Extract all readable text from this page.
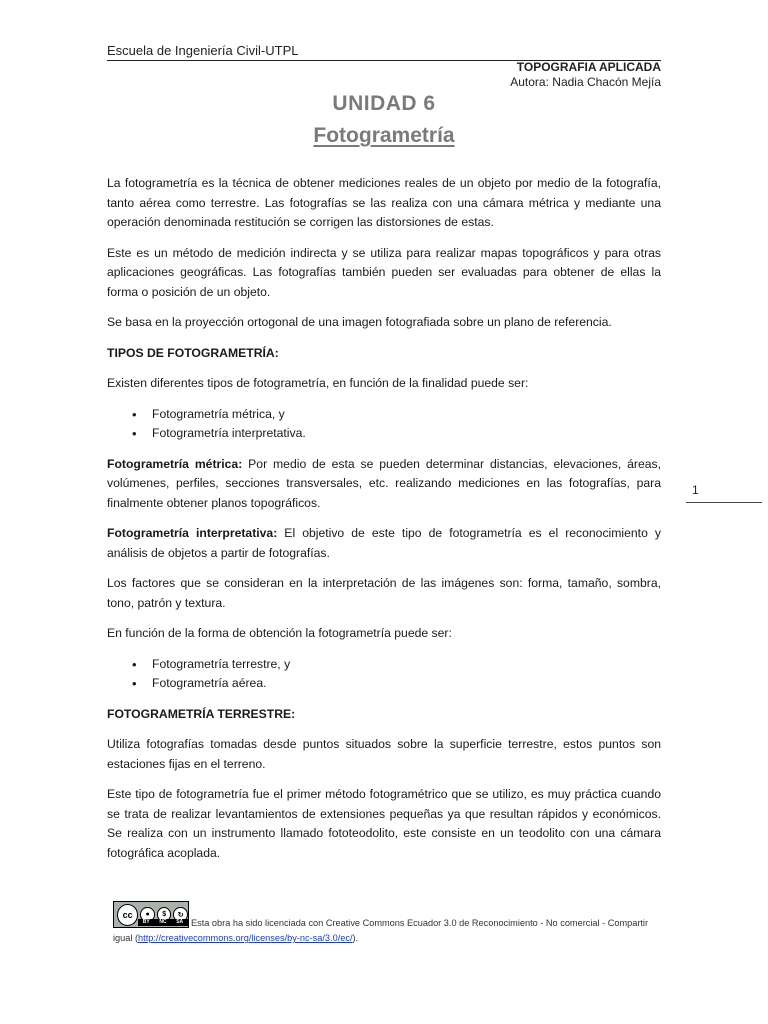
Escuela de Ingeniería Civil-UTPL
TOPOGRAFIA APLICADA
Autora: Nadia Chacón Mejía
UNIDAD 6
Fotogrametría

La fotogrametría es la técnica de obtener mediciones reales de un objeto por medio de la fotografía, tanto aérea como terrestre. Las fotografías se las realiza con una cámara métrica y mediante una operación denominada restitución se corrigen las distorsiones de estas.

Este es un método de medición indirecta y se utiliza para realizar mapas topográficos y para otras aplicaciones geográficas. Las fotografías también pueden ser evaluadas para obtener de ellas la forma o posición de un objeto.

Se basa en la proyección ortogonal de una imagen fotografiada sobre un plano de referencia.

TIPOS DE FOTOGRAMETRÍA:

Existen diferentes tipos de fotogrametría, en función de la finalidad puede ser:

• Fotogrametría métrica, y
• Fotogrametría interpretativa.

Fotogrametría métrica: Por medio de esta se pueden determinar distancias, elevaciones, áreas, volúmenes, perfiles, secciones transversales, etc. realizando mediciones en las fotografías, para finalmente obtener planos topográficos.

Fotogrametría interpretativa: El objetivo de este tipo de fotogrametría es el reconocimiento y análisis de objetos a partir de fotografías.

Los factores que se consideran en la interpretación de las imágenes son: forma, tamaño, sombra, tono, patrón y textura.

En función de la forma de obtención la fotogrametría puede ser:

• Fotogrametría terrestre, y
• Fotogrametría aérea.

FOTOGRAMETRÍA TERRESTRE:

Utiliza fotografías tomadas desde puntos situados sobre la superficie terrestre, estos puntos son estaciones fijas en el terreno.

Este tipo de fotogrametría fue el primer método fotogramétrico que se utilizo, es muy práctica cuando se trata de realizar levantamientos de extensiones pequeñas ya que resultan rápidos y económicos. Se realiza con un instrumento llamado fototeodolito, este consiste en un teodolito con una cámara fotográfica acoplada.

1
cc	●	$	↻
BY NC SA Esta obra ha sido licenciada con Creative Commons Ecuador 3.0 de Reconocimiento - No comercial - Compartir igual (http://creativecommons.org/licenses/by-nc-sa/3.0/ec/).
